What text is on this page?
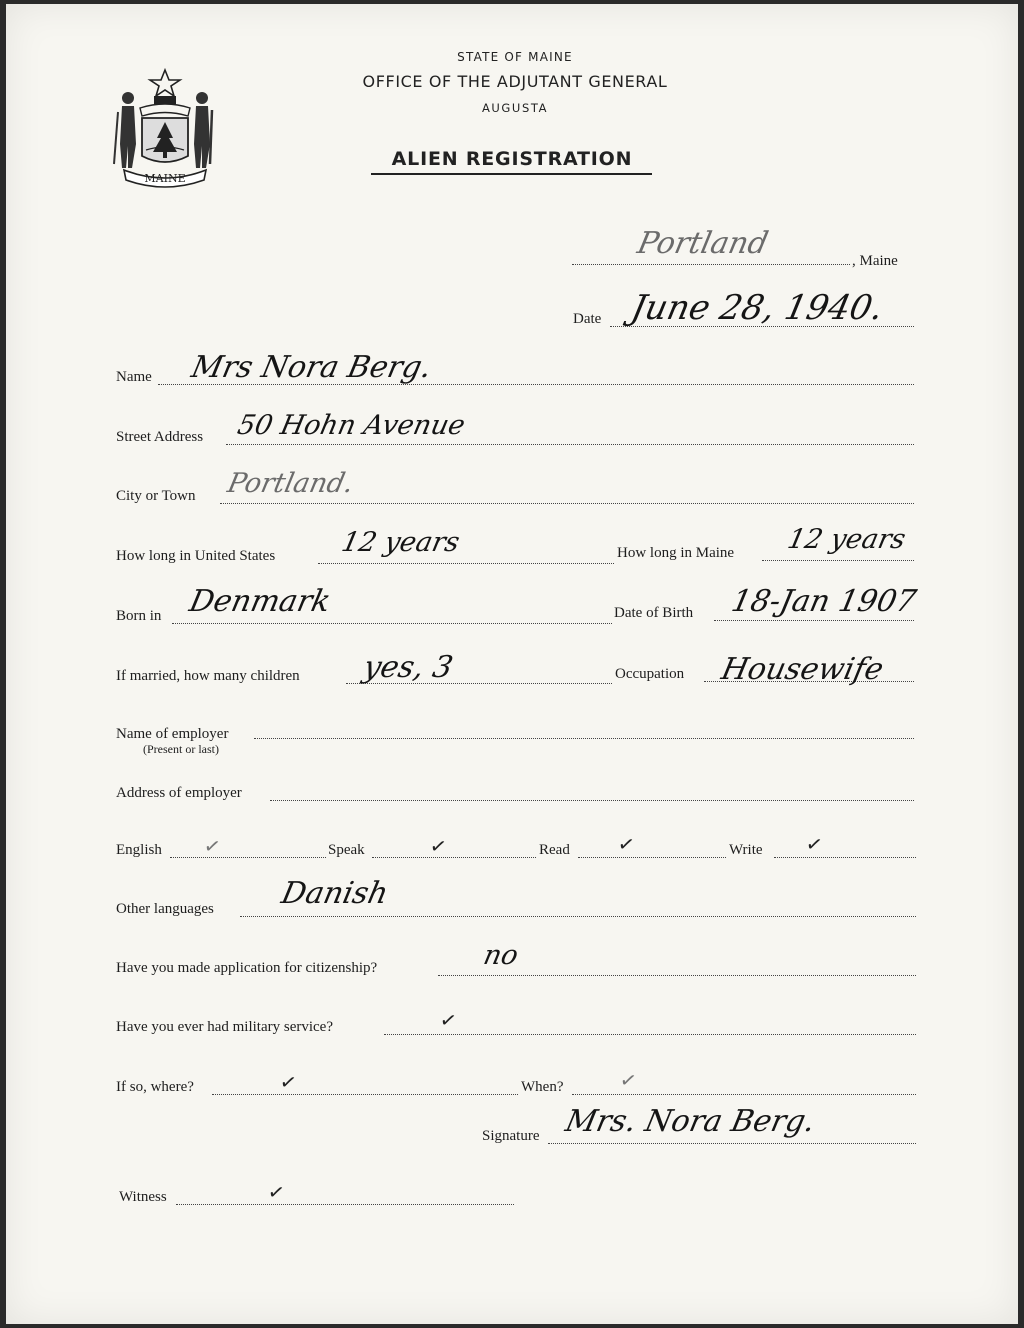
MAINE
STATE OF MAINE
OFFICE OF THE ADJUTANT GENERAL
AUGUSTA
ALIEN REGISTRATION
Portland	, Maine
Date June 28, 1940.
Name Mrs Nora Berg.
Street Address 50 Hohn Avenue
City or Town Portland.
How long in United States 12 years	How long in Maine 12 years
Born in Denmark	Date of Birth 18-Jan 1907
If married, how many children yes, 3	Occupation Housewife
Name of employer
(Present or last)
Address of employer
English ✓	Speak	✓	Read ✓	Write ✓
Other languages Danish
Have you made application for citizenship?	no
Have you ever had military service?	✓
If so, where?	✓	When?	✓
Signature Mrs. Nora Berg.
Witness	✓
